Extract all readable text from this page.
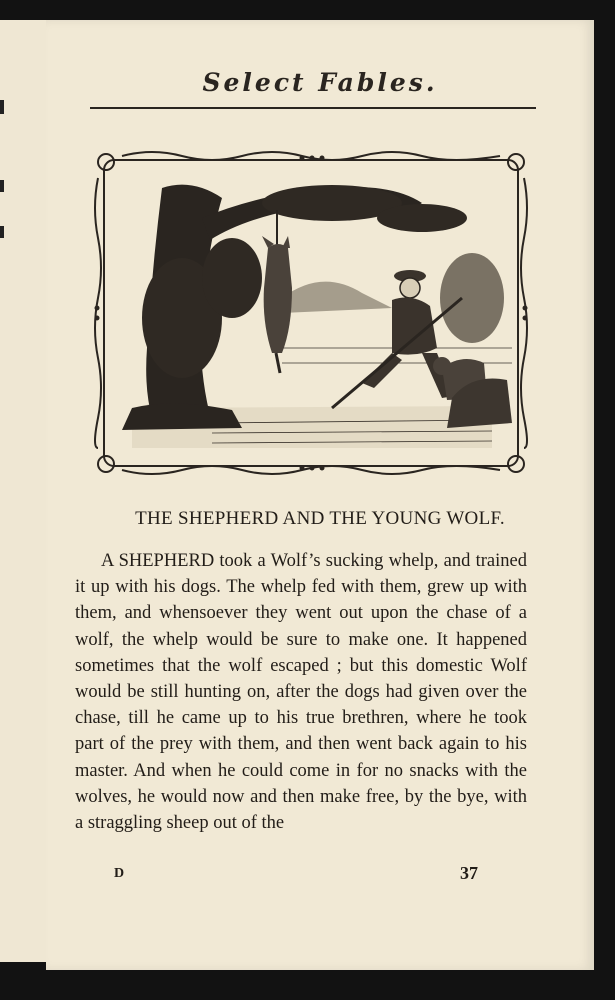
Select Fables.
THE SHEPHERD AND THE YOUNG WOLF.

A SHEPHERD took a Wolf’s sucking whelp, and trained it up with his dogs. The whelp fed with them, grew up with them, and whensoever they went out upon the chase of a wolf, the whelp would be sure to make one. It happened sometimes that the wolf escaped ; but this domestic Wolf would be still hunting on, after the dogs had given over the chase, till he came up to his true brethren, where he took part of the prey with them, and then went back again to his master. And when he could come in for no snacks with the wolves, he would now and then make free, by the bye, with a straggling sheep out of the

D	37
